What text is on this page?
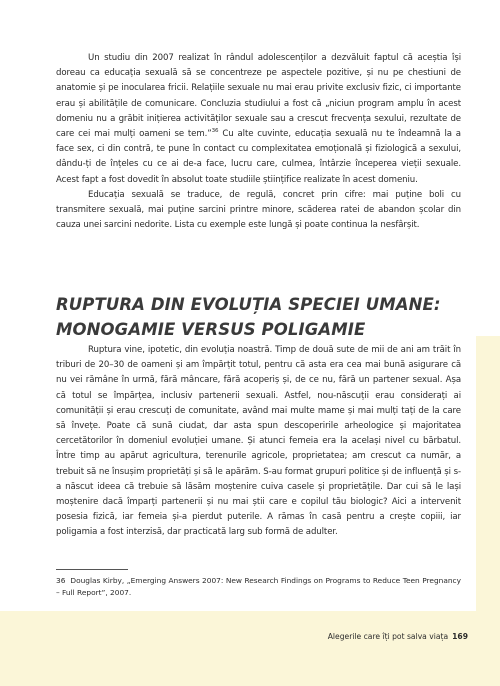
Un studiu din 2007 realizat în rândul adolescenților a dezvăluit faptul că aceștia își doreau ca educația sexuală să se concentreze pe aspectele pozitive, și nu pe chestiuni de anatomie și pe inocularea fricii. Relațiile sexuale nu mai erau privite exclusiv fizic, ci importante erau și abilitățile de comunicare. Concluzia studiului a fost că „niciun program amplu în acest domeniu nu a grăbit inițierea activităților sexuale sau a crescut frecvența sexului, rezultate de care cei mai mulți oameni se tem.”$^{36}$ Cu alte cuvinte, educația sexuală nu te îndeamnă la a face sex, ci din contră, te pune în contact cu complexitatea emoțională și fiziologică a sexului, dându-ți de înțeles cu ce ai de-a face, lucru care, culmea, întârzie începerea vieții sexuale. Acest fapt a fost dovedit în absolut toate studiile științifice realizate în acest domeniu.

Educația sexuală se traduce, de regulă, concret prin cifre: mai puține boli cu transmitere sexuală, mai puține sarcini printre minore, scăderea ratei de abandon școlar din cauza unei sarcini nedorite. Lista cu exemple este lungă și poate continua la nesfârșit.

RUPTURA DIN EVOLUȚIA SPECIEI UMANE:
MONOGAMIE VERSUS POLIGAMIE

Ruptura vine, ipotetic, din evoluția noastră. Timp de două sute de mii de ani am trăit în triburi de 20–30 de oameni și am împărțit totul, pentru că asta era cea mai bună asigurare că nu vei rămâne în urmă, fără mâncare, fără acoperiș și, de ce nu, fără un partener sexual. Așa că totul se împărțea, inclusiv partenerii sexuali. Astfel, nou-născuții erau considerați ai comunității și erau crescuți de comunitate, având mai multe mame și mai mulți tați de la care să învețe. Poate că sună ciudat, dar asta spun descoperirile arheologice și majoritatea cercetătorilor în domeniul evoluției umane. Și atunci femeia era la același nivel cu bărbatul. Între timp au apărut agricultura, terenurile agricole, proprietatea; am crescut ca număr, a trebuit să ne însușim proprietăți și să le apărăm. S-au format grupuri politice și de influență și s-a născut ideea că trebuie să lăsăm moștenire cuiva casele și proprietățile. Dar cui să le lași moștenire dacă împarți partenerii și nu mai știi care e copilul tău biologic? Aici a intervenit posesia fizică, iar femeia și-a pierdut puterile. A rămas în casă pentru a crește copiii, iar poligamia a fost interzisă, dar practicată larg sub formă de adulter.

36 Douglas Kirby, „Emerging Answers 2007: New Research Findings on Programs to Reduce Teen Pregnancy – Full Report”, 2007.
Alegerile care îți pot salva viața 169
